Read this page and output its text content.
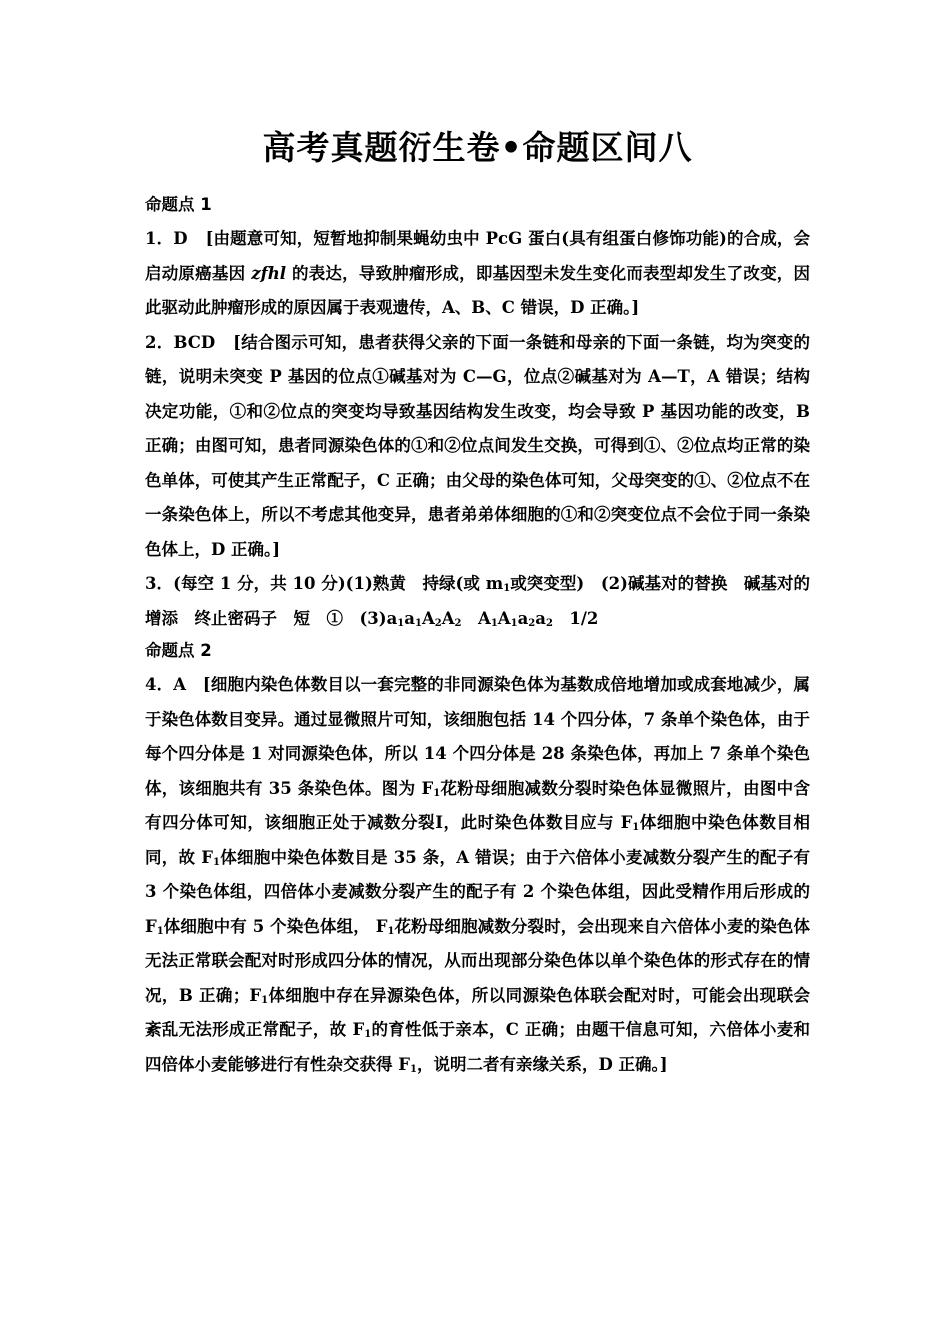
高考真题衍生卷•命题区间八
命题点 1

1．D [由题意可知，短暂地抑制果蝇幼虫中 PcG 蛋白(具有组蛋白修饰功能)的合成，会启动原癌基因 zfhl 的表达，导致肿瘤形成，即基因型未发生变化而表型却发生了改变，因此驱动此肿瘤形成的原因属于表观遗传，A、B、C 错误，D 正确。]

2．BCD [结合图示可知，患者获得父亲的下面一条链和母亲的下面一条链，均为突变的链，说明未突变 P 基因的位点①碱基对为 C—G，位点②碱基对为 A—T，A 错误；结构决定功能，①和②位点的突变均导致基因结构发生改变，均会导致 P 基因功能的改变，B 正确；由图可知，患者同源染色体的①和②位点间发生交换，可得到①、②位点均正常的染色单体，可使其产生正常配子，C 正确；由父母的染色体可知，父母突变的①、②位点不在一条染色体上，所以不考虑其他变异，患者弟弟体细胞的①和②突变位点不会位于同一条染色体上，D 正确。]

3．(每空 1 分，共 10 分)(1)熟黄　持绿(或 $m_1$或突变型)　(2)碱基对的替换　碱基对的增添　终止密码子　短　①　$(3)a_1a_1A_2A_2$　$A_1A_1a_2a_2$　1/2

命题点 2

4．A　[细胞内染色体数目以一套完整的非同源染色体为基数成倍地增加或成套地减少，属于染色体数目变异。通过显微照片可知，该细胞包括 14 个四分体，7 条单个染色体，由于每个四分体是 1 对同源染色体，所以 14 个四分体是 28 条染色体，再加上 7 条单个染色体，该细胞共有 35 条染色体。图为 $F_1$花粉母细胞减数分裂时染色体显微照片，由图中含有四分体可知，该细胞正处于减数分裂Ⅰ，此时染色体数目应与 $F_1$体细胞中染色体数目相同，故 $F_1$体细胞中染色体数目是 35 条，A 错误；由于六倍体小麦减数分裂产生的配子有 3 个染色体组，四倍体小麦减数分裂产生的配子有 2 个染色体组，因此受精作用后形成的 $F_1$体细胞中有 5 个染色体组， $F_1$花粉母细胞减数分裂时，会出现来自六倍体小麦的染色体无法正常联会配对时形成四分体的情况，从而出现部分染色体以单个染色体的形式存在的情况，B 正确；$F_1$体细胞中存在异源染色体，所以同源染色体联会配对时，可能会出现联会紊乱无法形成正常配子，故 $F_1$的育性低于亲本，C 正确；由题干信息可知，六倍体小麦和四倍体小麦能够进行有性杂交获得 $F_1$，说明二者有亲缘关系，D 正确。]
